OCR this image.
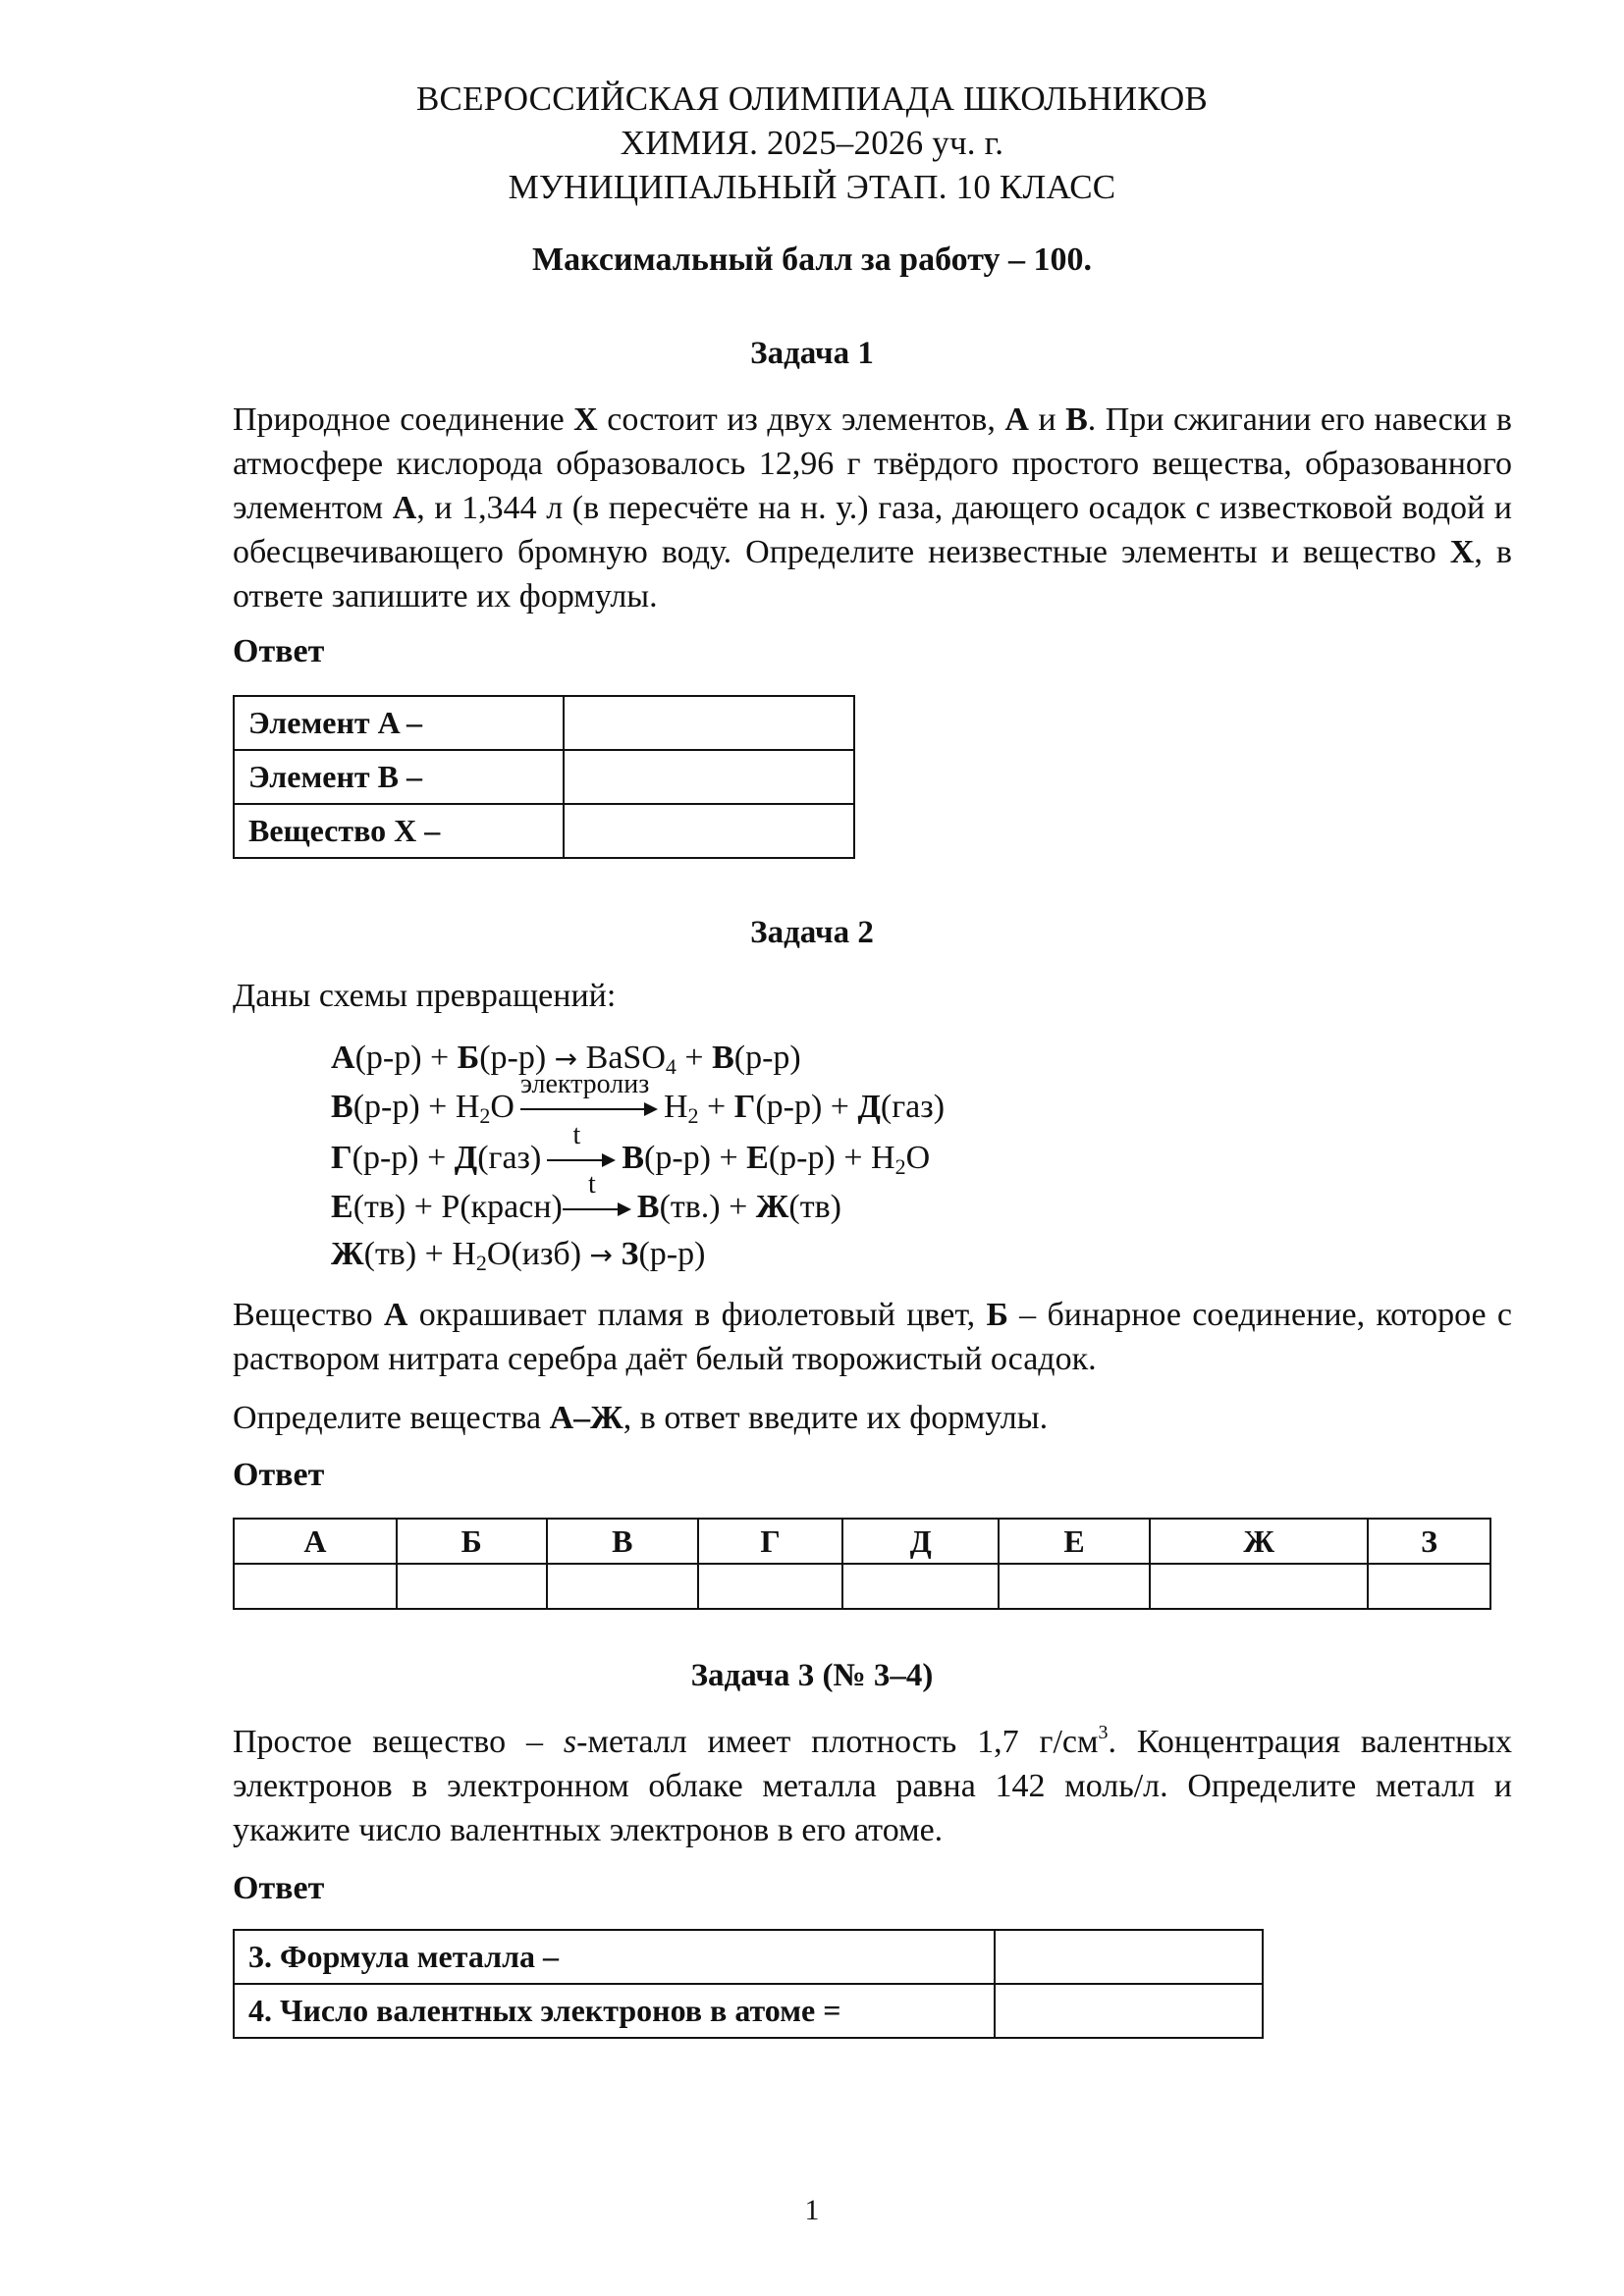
ВСЕРОССИЙСКАЯ ОЛИМПИАДА ШКОЛЬНИКОВ
ХИМИЯ. 2025–2026 уч. г.
МУНИЦИПАЛЬНЫЙ ЭТАП. 10 КЛАСС
Максимальный балл за работу – 100.
Задача 1
Природное соединение X состоит из двух элементов, A и B. При сжигании его навески в атмосфере кислорода образовалось 12,96 г твёрдого простого вещества, образованного элементом A, и 1,344 л (в пересчёте на н. у.) газа, дающего осадок с известковой водой и обесцвечивающего бромную воду. Определите неизвестные элементы и вещество X, в ответе запишите их формулы.
Ответ
Элемент A –	
Элемент B –	
Вещество X –	
Задача 2
Даны схемы превращений:
A(р-р) + Б(р-р) → BaSO$_4$ + В(р-р)
$В(р-р) + H_2O$
электролиз
$H_2 + Г(р-р) + Д(газ)$
Г(р-р) + Д(газ)
t
$В(р-р) + Е(р-р) + H_2O$
Е(тв) + P(красн)
t
В(тв.) + Ж(тв)
$Ж(тв) + H_2O(изб) \to З(р-р)$
Вещество A окрашивает пламя в фиолетовый цвет, Б – бинарное соединение, которое с раствором нитрата серебра даёт белый творожистый осадок.
Определите вещества A–Ж, в ответ введите их формулы.
Ответ
А	Б	В	Г	Д	Е	Ж	З

Задача 3 (№ 3–4)
Простое вещество – s-металл имеет плотность 1,7 $г/см^3$. Концентрация валентных электронов в электронном облаке металла равна 142 моль/л. Определите металл и укажите число валентных электронов в его атоме.
Ответ
3. Формула металла –	
4. Число валентных электронов в атоме =	
1
